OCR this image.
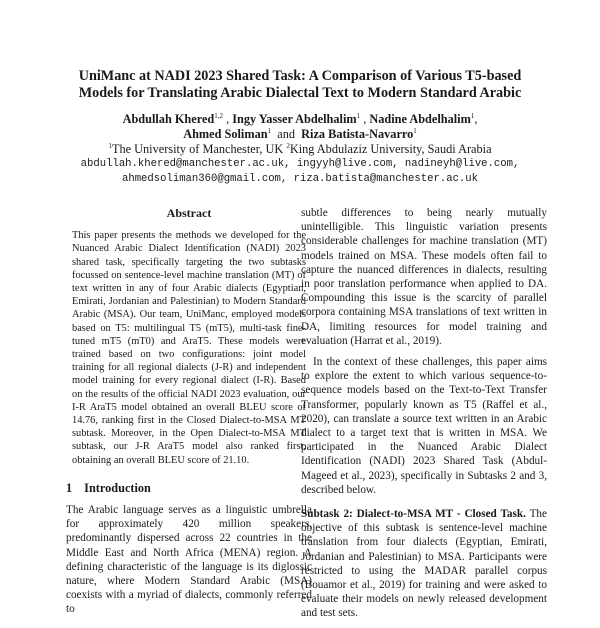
UniManc at NADI 2023 Shared Task: A Comparison of Various T5-based
Models for Translating Arabic Dialectal Text to Modern Standard Arabic
Abdullah Khered$^{1,2}$ , Ingy Yasser Abdelhalim$^1$ , Nadine Abdelhalim$^1$,
Ahmed Soliman$^1$ and Riza Batista-Navarro$^1$
$^1$The University of Manchester, UK $^2$King Abdulaziz University, Saudi Arabia
abdullah.khered@manchester.ac.uk, ingyyh@live.com, nadineyh@live.com,
ahmedsoliman360@gmail.com, riza.batista@manchester.ac.uk
Abstract
This paper presents the methods we developed for the Nuanced Arabic Dialect Identification (NADI) 2023 shared task, specifically targeting the two subtasks focussed on sentence-level machine translation (MT) of text written in any of four Arabic dialects (Egyptian, Emirati, Jordanian and Palestinian) to Modern Standard Arabic (MSA). Our team, UniManc, employed models based on T5: multilingual T5 (mT5), multi-task fine-tuned mT5 (mT0) and AraT5. These models were trained based on two configurations: joint model training for all regional dialects (J-R) and independent model training for every regional dialect (I-R). Based on the results of the official NADI 2023 evaluation, our I-R AraT5 model obtained an overall BLEU score of 14.76, ranking first in the Closed Dialect-to-MSA MT subtask. Moreover, in the Open Dialect-to-MSA MT subtask, our J-R AraT5 model also ranked first, obtaining an overall BLEU score of 21.10.
1 Introduction
The Arabic language serves as a linguistic umbrella for approximately 420 million speakers, predominantly dispersed across 22 countries in the Middle East and North Africa (MENA) region. A defining characteristic of the language is its diglossic nature, where Modern Standard Arabic (MSA) coexists with a myriad of dialects, commonly referred to
subtle differences to being nearly mutually unintelligible. This linguistic variation presents considerable challenges for machine translation (MT) models trained on MSA. These models often fail to capture the nuanced differences in dialects, resulting in poor translation performance when applied to DA. Compounding this issue is the scarcity of parallel corpora containing MSA translations of text written in DA, limiting resources for model training and evaluation (Harrat et al., 2019).
In the context of these challenges, this paper aims to explore the extent to which various sequence-to-sequence models based on the Text-to-Text Transfer Transformer, popularly known as T5 (Raffel et al., 2020), can translate a source text written in an Arabic dialect to a target text that is written in MSA. We participated in the Nuanced Arabic Dialect Identification (NADI) 2023 Shared Task (Abdul-Mageed et al., 2023), specifically in Subtasks 2 and 3, described below.
Subtask 2: Dialect-to-MSA MT - Closed Task. The objective of this subtask is sentence-level machine translation from four dialects (Egyptian, Emirati, Jordanian and Palestinian) to MSA. Participants were restricted to using the MADAR parallel corpus (Bouamor et al., 2019) for training and were asked to evaluate their models on newly released development and test sets.
